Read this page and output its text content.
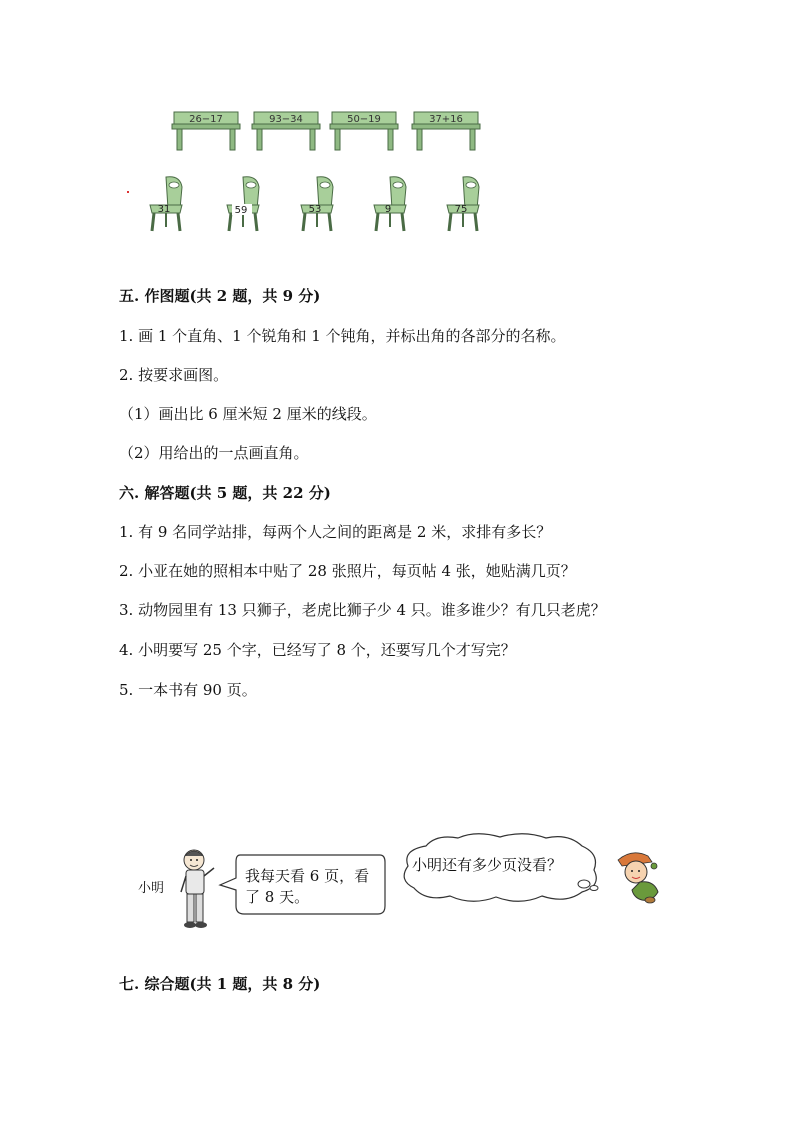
26−17	93−34	50−19	37+16
31	59	53	9	75
五. 作图题(共 2 题，共 9 分)
1. 画 1 个直角、1 个锐角和 1 个钝角，并标出角的各部分的名称。
2. 按要求画图。
（1）画出比 6 厘米短 2 厘米的线段。
（2）用给出的一点画直角。
六. 解答题(共 5 题，共 22 分)
1. 有 9 名同学站排，每两个人之间的距离是 2 米，求排有多长？
2. 小亚在她的照相本中贴了 28 张照片，每页帖 4 张，她贴满几页？
3. 动物园里有 13 只狮子，老虎比狮子少 4 只。谁多谁少？有几只老虎？
4. 小明要写 25 个字，已经写了 8 个，还要写几个才写完？
5. 一本书有 90 页。
小明
我每天看 6 页，看
了 8 天。
小明还有多少页没看？
七. 综合题(共 1 题，共 8 分)
